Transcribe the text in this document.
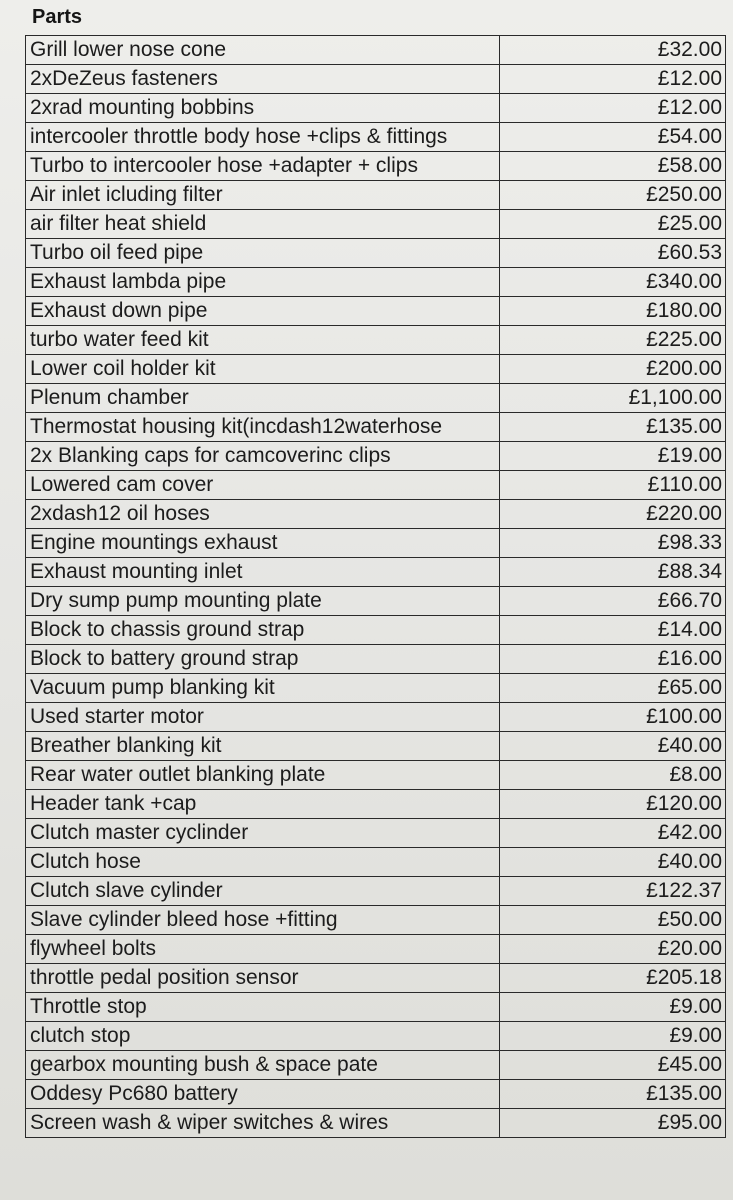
Parts
Grill lower nose cone	£32.00
2xDeZeus fasteners	£12.00
2xrad mounting bobbins	£12.00
intercooler throttle body hose +clips & fittings	£54.00
Turbo to intercooler hose +adapter + clips	£58.00
Air inlet icluding filter	£250.00
air filter heat shield	£25.00
Turbo oil feed pipe	£60.53
Exhaust lambda pipe	£340.00
Exhaust down pipe	£180.00
turbo water feed kit	£225.00
Lower coil holder kit	£200.00
Plenum chamber	£1,100.00
Thermostat housing kit(incdash12waterhose	£135.00
2x Blanking caps for camcoverinc clips	£19.00
Lowered cam cover	£110.00
2xdash12 oil hoses	£220.00
Engine mountings exhaust	£98.33
Exhaust mounting inlet	£88.34
Dry sump pump mounting plate	£66.70
Block to chassis ground strap	£14.00
Block to battery ground strap	£16.00
Vacuum pump blanking kit	£65.00
Used starter motor	£100.00
Breather blanking kit	£40.00
Rear water outlet blanking plate	£8.00
Header tank +cap	£120.00
Clutch master cyclinder	£42.00
Clutch hose	£40.00
Clutch slave cylinder	£122.37
Slave cylinder bleed hose +fitting	£50.00
flywheel bolts	£20.00
throttle pedal position sensor	£205.18
Throttle stop	£9.00
clutch stop	£9.00
gearbox mounting bush & space pate	£45.00
Oddesy Pc680 battery	£135.00
Screen wash & wiper switches & wires	£95.00
